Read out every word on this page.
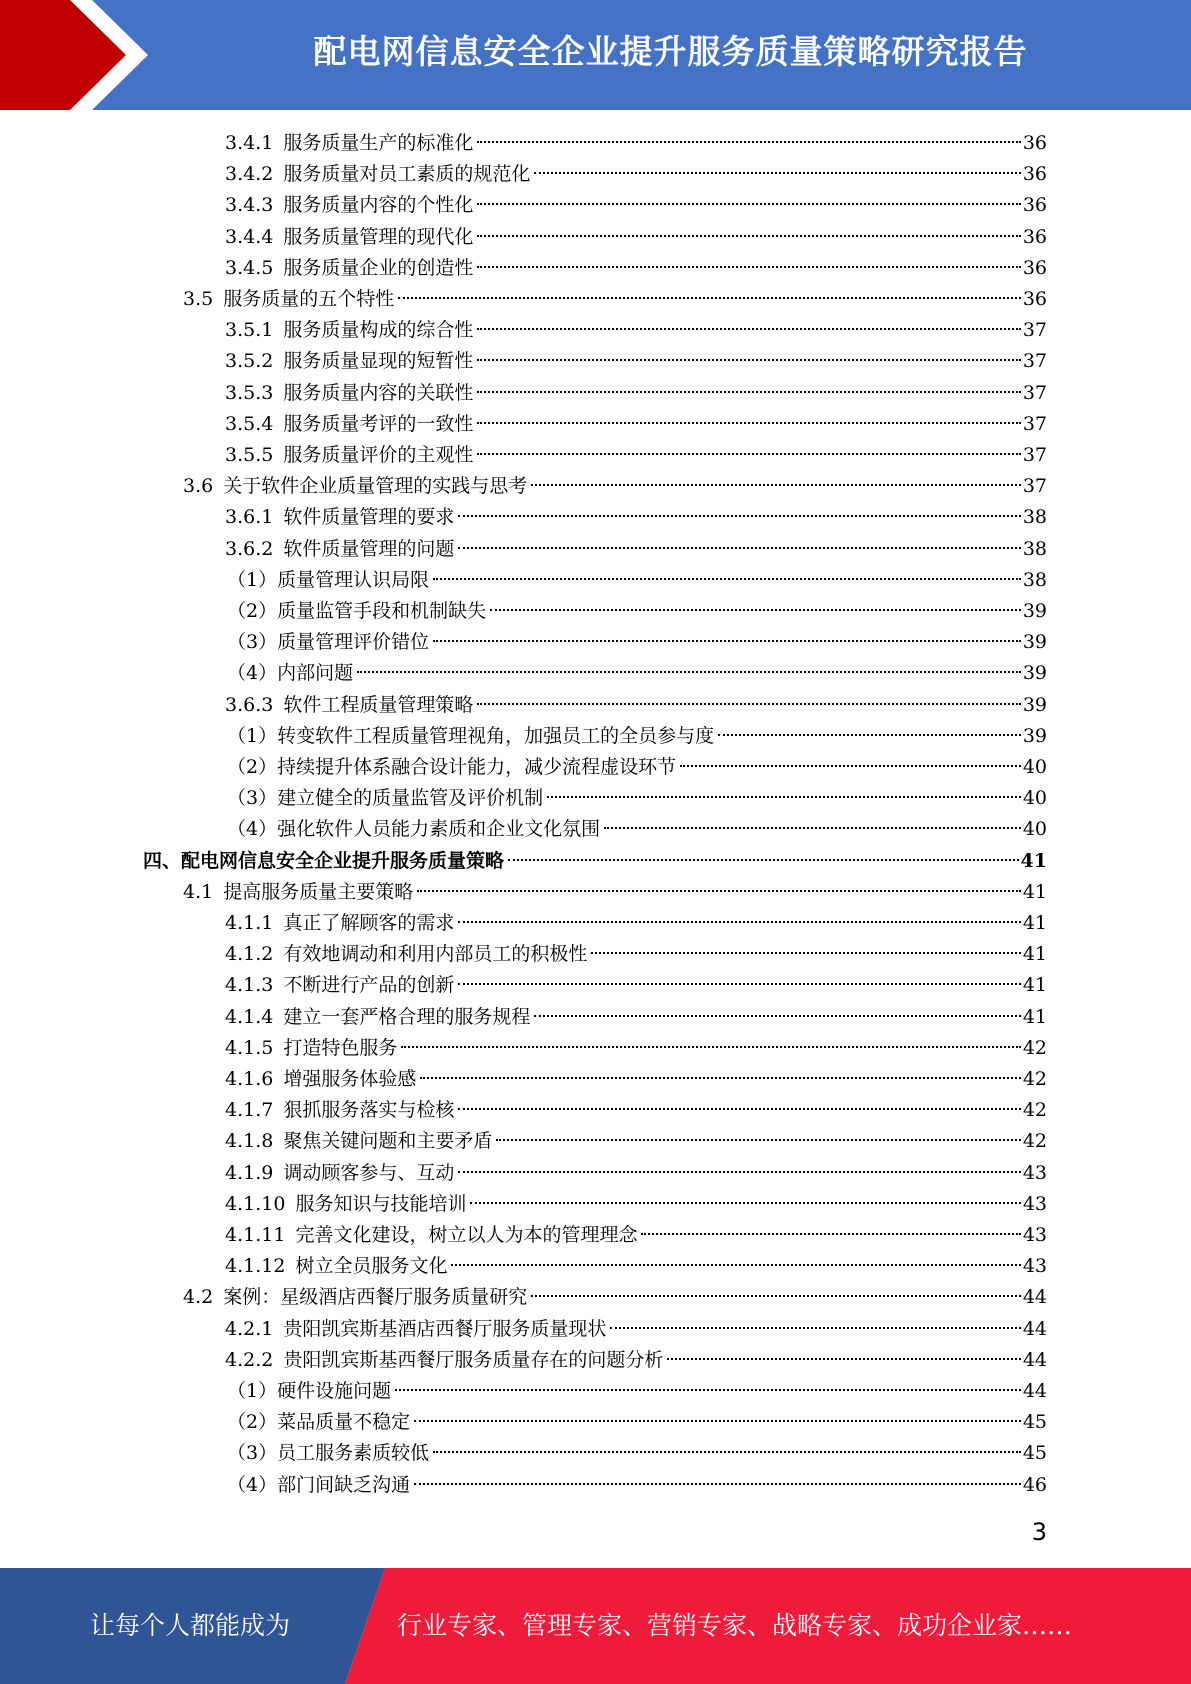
配电网信息安全企业提升服务质量策略研究报告
3.4.1 服务质量生产的标准化	36
3.4.2 服务质量对员工素质的规范化	36
3.4.3 服务质量内容的个性化	36
3.4.4 服务质量管理的现代化	36
3.4.5 服务质量企业的创造性	36
3.5 服务质量的五个特性	36
3.5.1 服务质量构成的综合性	37
3.5.2 服务质量显现的短暂性	37
3.5.3 服务质量内容的关联性	37
3.5.4 服务质量考评的一致性	37
3.5.5 服务质量评价的主观性	37
3.6 关于软件企业质量管理的实践与思考	37
3.6.1 软件质量管理的要求	38
3.6.2 软件质量管理的问题	38
（1）质量管理认识局限	38
（2）质量监管手段和机制缺失	39
（3）质量管理评价错位	39
（4）内部问题	39
3.6.3 软件工程质量管理策略	39
（1）转变软件工程质量管理视角，加强员工的全员参与度	39
（2）持续提升体系融合设计能力，减少流程虚设环节	40
（3）建立健全的质量监管及评价机制	40
（4）强化软件人员能力素质和企业文化氛围	40
四、配电网信息安全企业提升服务质量策略	41
4.1 提高服务质量主要策略	41
4.1.1 真正了解顾客的需求	41
4.1.2 有效地调动和利用内部员工的积极性	41
4.1.3 不断进行产品的创新	41
4.1.4 建立一套严格合理的服务规程	41
4.1.5 打造特色服务	42
4.1.6 增强服务体验感	42
4.1.7 狠抓服务落实与检核	42
4.1.8 聚焦关键问题和主要矛盾	42
4.1.9 调动顾客参与、互动	43
4.1.10 服务知识与技能培训	43
4.1.11 完善文化建设，树立以人为本的管理理念	43
4.1.12 树立全员服务文化	43
4.2 案例：星级酒店西餐厅服务质量研究	44
4.2.1 贵阳凯宾斯基酒店西餐厅服务质量现状	44
4.2.2 贵阳凯宾斯基西餐厅服务质量存在的问题分析	44
（1）硬件设施问题	44
（2）菜品质量不稳定	45
（3）员工服务素质较低	45
（4）部门间缺乏沟通	46
3
让每个人都能成为	行业专家、管理专家、营销专家、战略专家、成功企业家……
